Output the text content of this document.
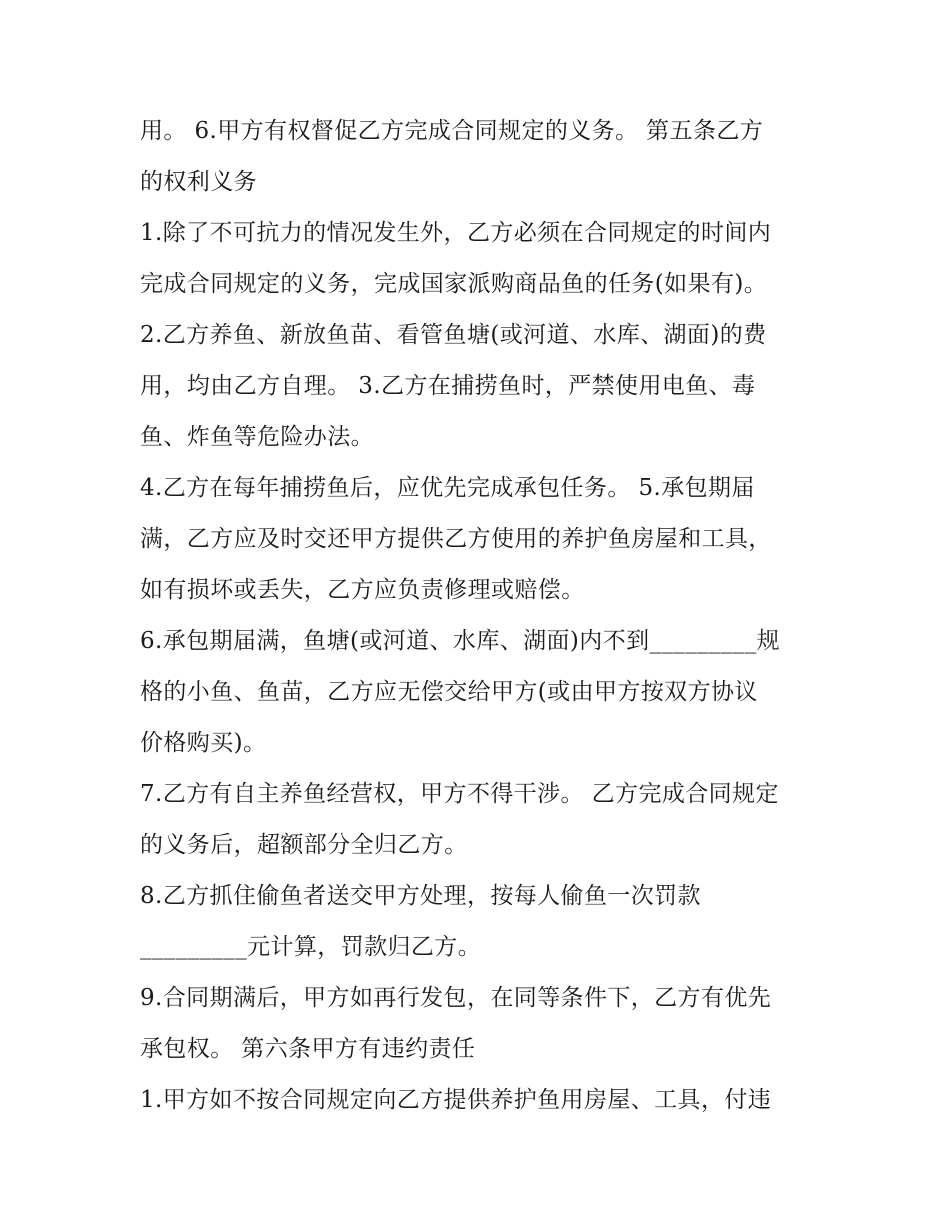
用。 6.甲方有权督促乙方完成合同规定的义务。 第五条乙方
的权利义务
1.除了不可抗力的情况发生外，乙方必须在合同规定的时间内
完成合同规定的义务，完成国家派购商品鱼的任务(如果有)。
2.乙方养鱼、新放鱼苗、看管鱼塘(或河道、水库、湖面)的费
用，均由乙方自理。 3.乙方在捕捞鱼时，严禁使用电鱼、毒
鱼、炸鱼等危险办法。
4.乙方在每年捕捞鱼后，应优先完成承包任务。 5.承包期届
满，乙方应及时交还甲方提供乙方使用的养护鱼房屋和工具，
如有损坏或丢失，乙方应负责修理或赔偿。
6.承包期届满，鱼塘(或河道、水库、湖面)内不到_________规
格的小鱼、鱼苗，乙方应无偿交给甲方(或由甲方按双方协议
价格购买)。
7.乙方有自主养鱼经营权，甲方不得干涉。 乙方完成合同规定
的义务后，超额部分全归乙方。
8.乙方抓住偷鱼者送交甲方处理，按每人偷鱼一次罚款
_________元计算，罚款归乙方。
9.合同期满后，甲方如再行发包，在同等条件下，乙方有优先
承包权。 第六条甲方有违约责任
1.甲方如不按合同规定向乙方提供养护鱼用房屋、工具，付违
